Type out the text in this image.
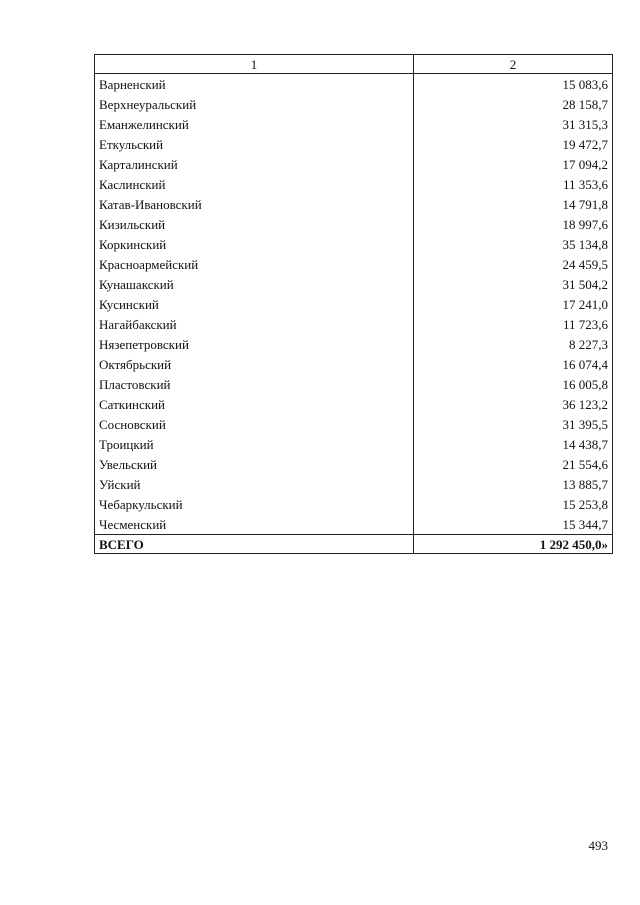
1	2
Варненский	15 083,6
Верхнеуральский	28 158,7
Еманжелинский	31 315,3
Еткульский	19 472,7
Карталинский	17 094,2
Каслинский	11 353,6
Катав-Ивановский	14 791,8
Кизильский	18 997,6
Коркинский	35 134,8
Красноармейский	24 459,5
Кунашакский	31 504,2
Кусинский	17 241,0
Нагайбакский	11 723,6
Нязепетровский	8 227,3
Октябрьский	16 074,4
Пластовский	16 005,8
Саткинский	36 123,2
Сосновский	31 395,5
Троицкий	14 438,7
Увельский	21 554,6
Уйский	13 885,7
Чебаркульский	15 253,8
Чесменский	15 344,7
ВСЕГО	1 292 450,0»
493
